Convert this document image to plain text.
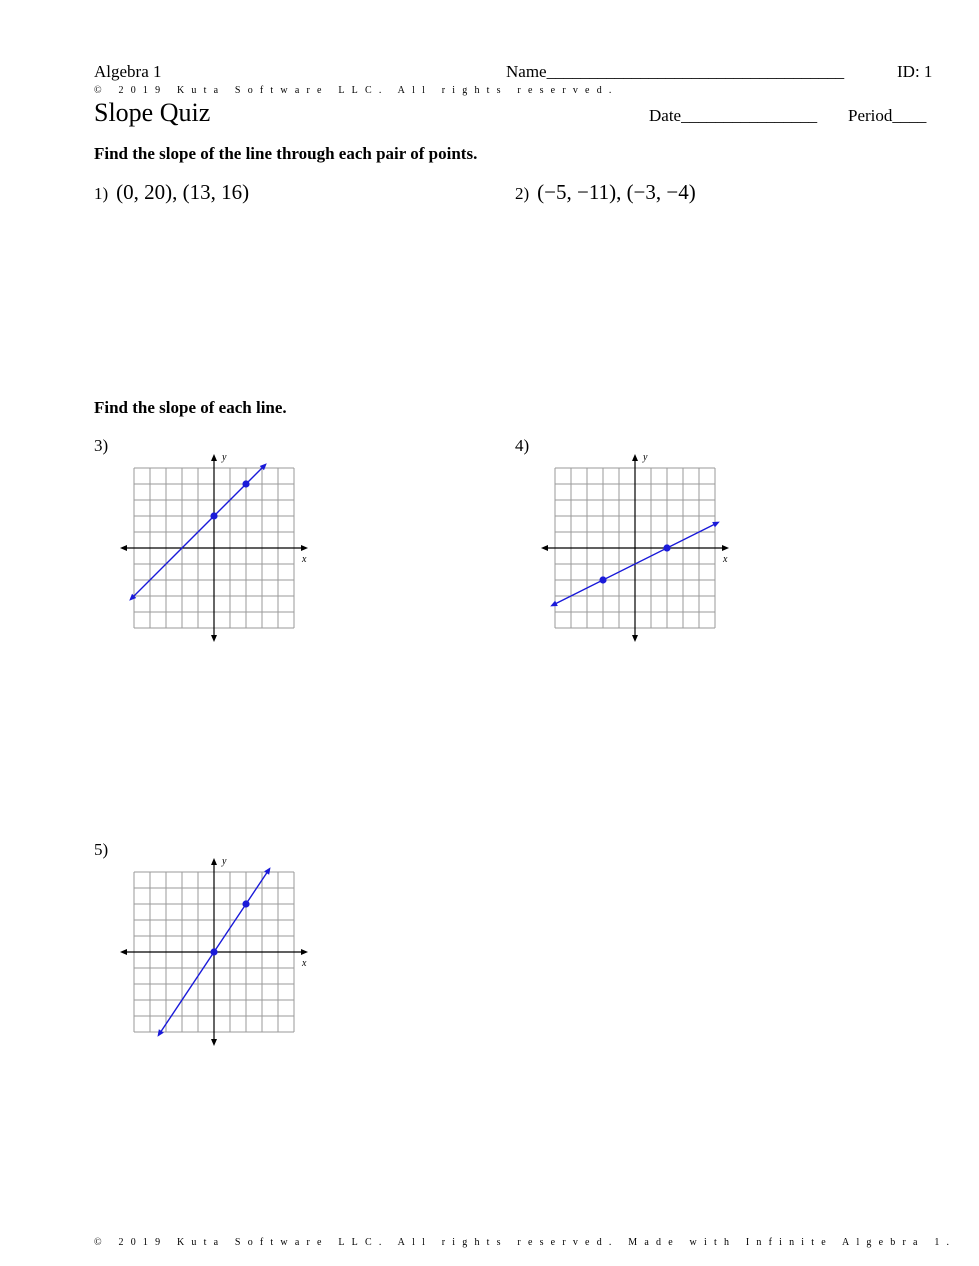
Algebra 1	Name___________________________________	ID: 1
© 2019 Kuta Software LLC. All rights reserved.
Slope Quiz	Date________________ Period____
Find the slope of the line through each pair of points.
1) (0, 20), (13, 16)	2) (−5, −11), (−3, −4)
Find the slope of each line.
3)	4)
5)
x
y
x
y
x
y
© 2019 Kuta Software LLC. All rights reserved. Made with Infinite Algebra 1.
